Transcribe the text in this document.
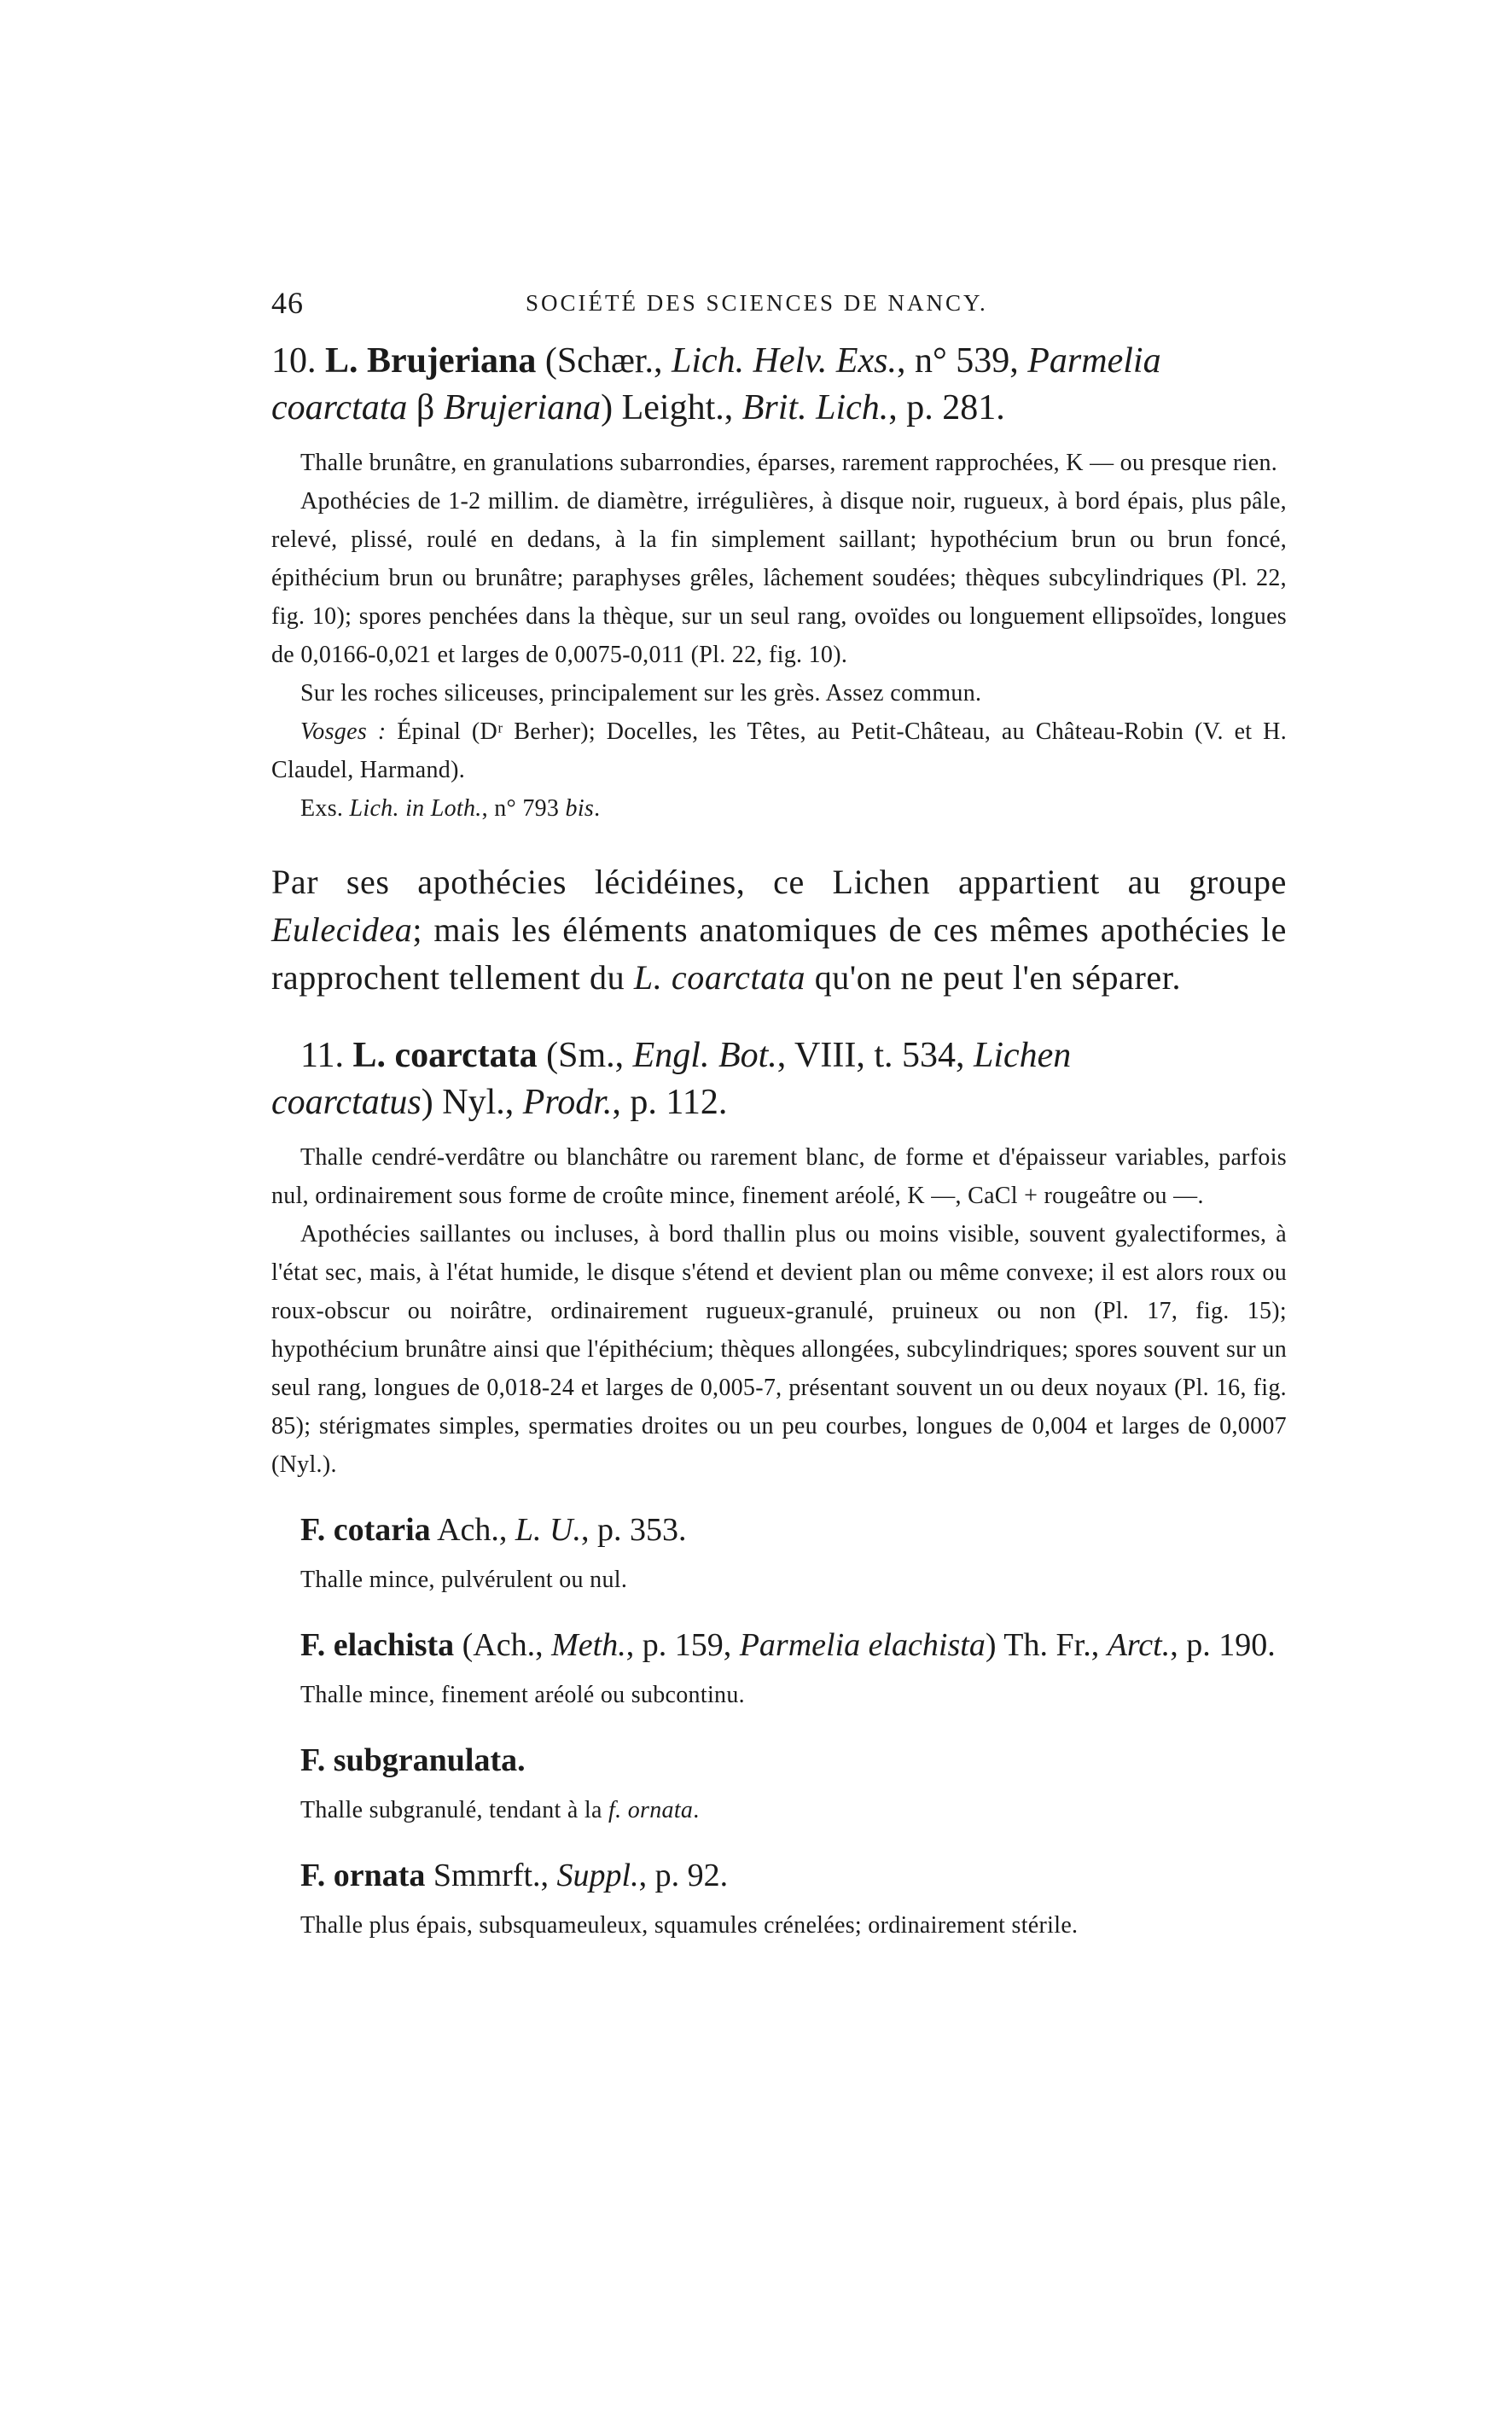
46	SOCIÉTÉ DES SCIENCES DE NANCY.

10. L. Brujeriana (Schær., Lich. Helv. Exs., n° 539, Parmelia coarctata β Brujeriana) Leight., Brit. Lich., p. 281.

Thalle brunâtre, en granulations subarrondies, éparses, rarement rapprochées, K — ou presque rien.

Apothécies de 1-2 millim. de diamètre, irrégulières, à disque noir, rugueux, à bord épais, plus pâle, relevé, plissé, roulé en dedans, à la fin simplement saillant; hypothécium brun ou brun foncé, épithécium brun ou brunâtre; paraphyses grêles, lâchement soudées; thèques subcylindriques (Pl. 22, fig. 10); spores penchées dans la thèque, sur un seul rang, ovoïdes ou longuement ellipsoïdes, longues de 0,0166-0,021 et larges de 0,0075-0,011 (Pl. 22, fig. 10).

Sur les roches siliceuses, principalement sur les grès. Assez commun.

Vosges : Épinal (Dʳ Berher); Docelles, les Têtes, au Petit-Château, au Château-Robin (V. et H. Claudel, Harmand).

Exs. Lich. in Loth., n° 793 bis.

Par ses apothécies lécidéines, ce Lichen appartient au groupe Eulecidea; mais les éléments anatomiques de ces mêmes apothécies le rapprochent tellement du L. coarctata qu'on ne peut l'en séparer.

11. L. coarctata (Sm., Engl. Bot., VIII, t. 534, Lichen coarctatus) Nyl., Prodr., p. 112.

Thalle cendré-verdâtre ou blanchâtre ou rarement blanc, de forme et d'épaisseur variables, parfois nul, ordinairement sous forme de croûte mince, finement aréolé, K —, CaCl + rougeâtre ou —.

Apothécies saillantes ou incluses, à bord thallin plus ou moins visible, souvent gyalectiformes, à l'état sec, mais, à l'état humide, le disque s'étend et devient plan ou même convexe; il est alors roux ou roux-obscur ou noirâtre, ordinairement rugueux-granulé, pruineux ou non (Pl. 17, fig. 15); hypothécium brunâtre ainsi que l'épithécium; thèques allongées, subcylindriques; spores souvent sur un seul rang, longues de 0,018-24 et larges de 0,005-7, présentant souvent un ou deux noyaux (Pl. 16, fig. 85); stérigmates simples, spermaties droites ou un peu courbes, longues de 0,004 et larges de 0,0007 (Nyl.).

F. cotaria Ach., L. U., p. 353.

Thalle mince, pulvérulent ou nul.

F. elachista (Ach., Meth., p. 159, Parmelia elachista) Th. Fr., Arct., p. 190.

Thalle mince, finement aréolé ou subcontinu.

F. subgranulata.

Thalle subgranulé, tendant à la f. ornata.

F. ornata Smmrft., Suppl., p. 92.

Thalle plus épais, subsquameuleux, squamules crénelées; ordinairement stérile.
